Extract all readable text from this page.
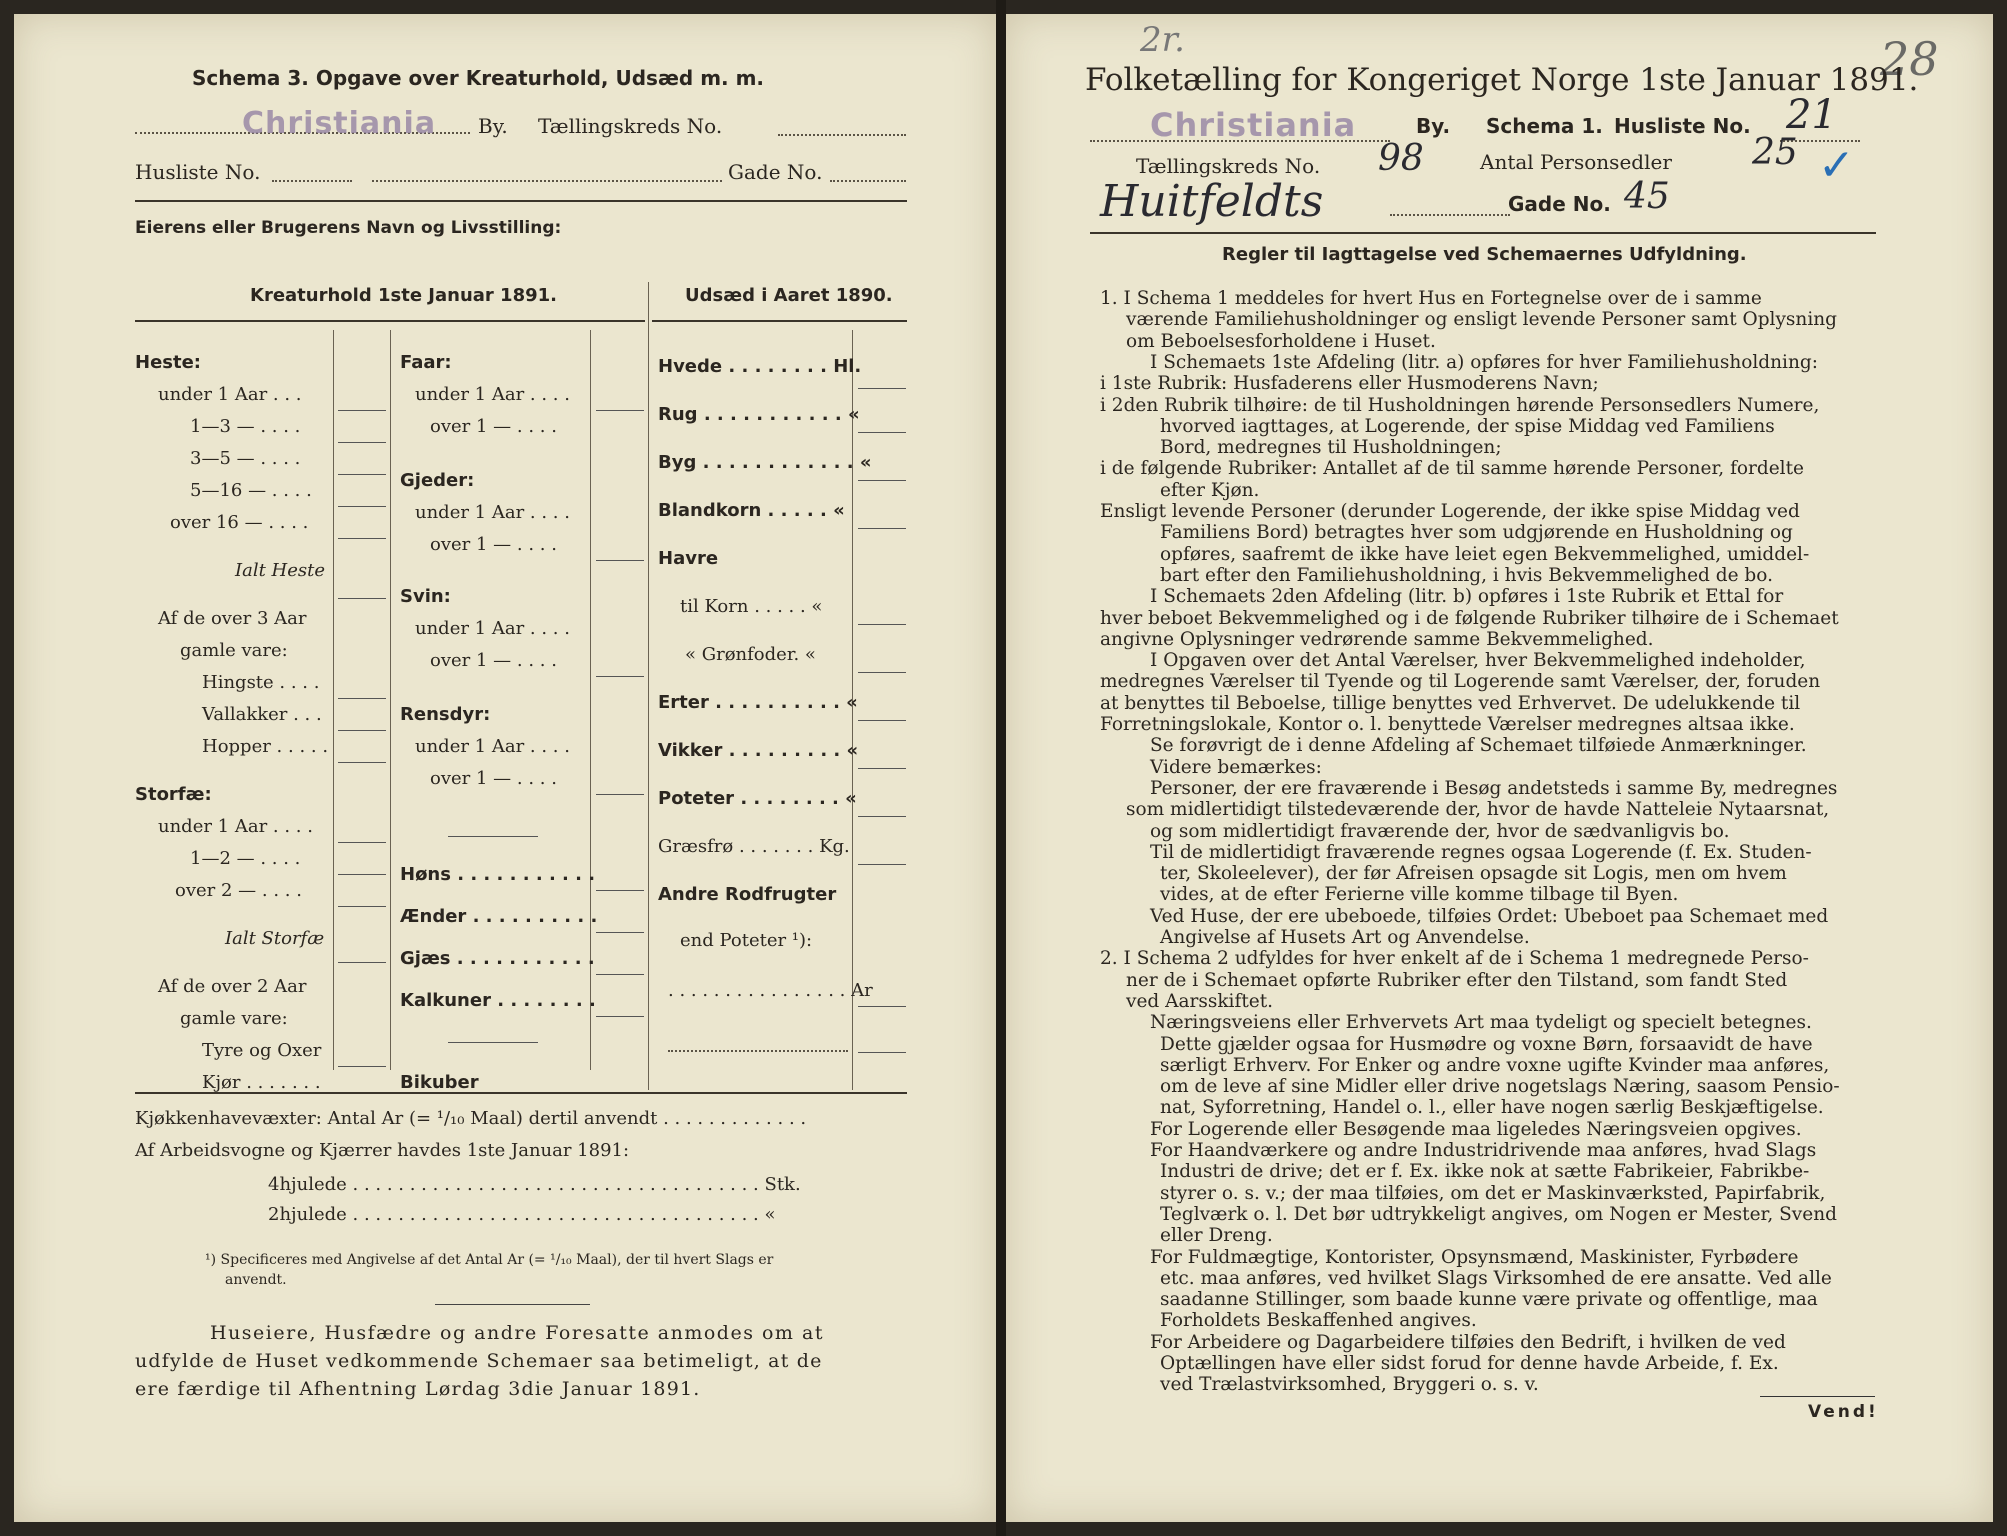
Schema 3. Opgave over Kreaturhold, Udsæd m. m.
Christiania By. Tællingskreds No.
Husliste No.	Gade No.
Eierens eller Brugerens Navn og Livsstilling:
Kreaturhold 1ste Januar 1891.	Udsæd i Aaret 1890.
Heste:
under 1 Aar . . .
1—3 — . . . .
3—5 — . . . .
5—16 — . . . .
over 16 — . . . .
Ialt Heste
Af de over 3 Aar
gamle vare:
Hingste . . . .
Vallakker . . .
Hopper . . . . .
Storfæ:
under 1 Aar . . . .
1—2 — . . . .
over 2 — . . . .
Ialt Storfæ
Af de over 2 Aar
gamle vare:
Tyre og Oxer
Kjør . . . . . . .
Faar:
under 1 Aar . . . .
over 1 — . . . .
Gjeder:
under 1 Aar . . . .
over 1 — . . . .
Svin:
under 1 Aar . . . .
over 1 — . . . .
Rensdyr:
under 1 Aar . . . .
over 1 — . . . .
Høns . . . . . . . . . . .
Ænder . . . . . . . . . .
Gjæs . . . . . . . . . . .
Kalkuner . . . . . . . .
Bikuber
Hvede . . . . . . . . Hl.
Rug . . . . . . . . . . . «
Byg . . . . . . . . . . . . «
Blandkorn . . . . . «
Havre
til Korn . . . . . «
« Grønfoder. «
Erter . . . . . . . . . . «
Vikker . . . . . . . . . «
Poteter . . . . . . . . «
Græsfrø . . . . . . . Kg.
Andre Rodfrugter
end Poteter ¹):
. . . . . . . . . . . . . . . . Ar
Kjøkkenhavevæxter: Antal Ar (= ¹/₁₀ Maal) dertil anvendt . . . . . . . . . . . . .
Af Arbeidsvogne og Kjærrer havdes 1ste Januar 1891:
4hjulede . . . . . . . . . . . . . . . . . . . . . . . . . . . . . . . . . . . . Stk.
2hjulede . . . . . . . . . . . . . . . . . . . . . . . . . . . . . . . . . . . . «
¹) Specificeres med Angivelse af det Antal Ar (= ¹/₁₀ Maal), der til hvert Slags er
anvendt.
Huseiere, Husfædre og andre Foresatte anmodes om at
udfylde de Huset vedkommende Schemaer saa betimeligt, at de
ere færdige til Afhentning Lørdag 3die Januar 1891.
2r.	28
Folketælling for Kongeriget Norge 1ste Januar 1891.
Christiania	By. Schema 1. Husliste No. 21
Tællingskreds No. 98	Antal Personsedler 25 ✓
Huitfeldts	Gade No. 45
Regler til Iagttagelse ved Schemaernes Udfyldning.
1. I Schema 1 meddeles for hvert Hus en Fortegnelse over de i samme
værende Familiehusholdninger og ensligt levende Personer samt Oplysning
om Beboelsesforholdene i Huset.
I Schemaets 1ste Afdeling (litr. a) opføres for hver Familiehusholdning:
i 1ste Rubrik: Husfaderens eller Husmoderens Navn;
i 2den Rubrik tilhøire: de til Husholdningen hørende Personsedlers Numere,
hvorved iagttages, at Logerende, der spise Middag ved Familiens
Bord, medregnes til Husholdningen;
i de følgende Rubriker: Antallet af de til samme hørende Personer, fordelte
efter Kjøn.
Ensligt levende Personer (derunder Logerende, der ikke spise Middag ved
Familiens Bord) betragtes hver som udgjørende en Husholdning og
opføres, saafremt de ikke have leiet egen Bekvemmelighed, umiddel-
bart efter den Familiehusholdning, i hvis Bekvemmelighed de bo.
I Schemaets 2den Afdeling (litr. b) opføres i 1ste Rubrik et Ettal for
hver beboet Bekvemmelighed og i de følgende Rubriker tilhøire de i Schemaet
angivne Oplysninger vedrørende samme Bekvemmelighed.
I Opgaven over det Antal Værelser, hver Bekvemmelighed indeholder,
medregnes Værelser til Tyende og til Logerende samt Værelser, der, foruden
at benyttes til Beboelse, tillige benyttes ved Erhvervet. De udelukkende til
Forretningslokale, Kontor o. l. benyttede Værelser medregnes altsaa ikke.
Se forøvrigt de i denne Afdeling af Schemaet tilføiede Anmærkninger.
Videre bemærkes:
Personer, der ere fraværende i Besøg andetsteds i samme By, medregnes
som midlertidigt tilstedeværende der, hvor de havde Natteleie Nytaarsnat,
og som midlertidigt fraværende der, hvor de sædvanligvis bo.
Til de midlertidigt fraværende regnes ogsaa Logerende (f. Ex. Studen-
ter, Skoleelever), der før Afreisen opsagde sit Logis, men om hvem
vides, at de efter Ferierne ville komme tilbage til Byen.
Ved Huse, der ere ubeboede, tilføies Ordet: Ubeboet paa Schemaet med
Angivelse af Husets Art og Anvendelse.
2. I Schema 2 udfyldes for hver enkelt af de i Schema 1 medregnede Perso-
ner de i Schemaet opførte Rubriker efter den Tilstand, som fandt Sted
ved Aarsskiftet.
Næringsveiens eller Erhvervets Art maa tydeligt og specielt betegnes.
Dette gjælder ogsaa for Husmødre og voxne Børn, forsaavidt de have
særligt Erhverv. For Enker og andre voxne ugifte Kvinder maa anføres,
om de leve af sine Midler eller drive nogetslags Næring, saasom Pensio-
nat, Syforretning, Handel o. l., eller have nogen særlig Beskjæftigelse.
For Logerende eller Besøgende maa ligeledes Næringsveien opgives.
For Haandværkere og andre Industridrivende maa anføres, hvad Slags
Industri de drive; det er f. Ex. ikke nok at sætte Fabrikeier, Fabrikbe-
styrer o. s. v.; der maa tilføies, om det er Maskinværksted, Papirfabrik,
Teglværk o. l. Det bør udtrykkeligt angives, om Nogen er Mester, Svend
eller Dreng.
For Fuldmægtige, Kontorister, Opsynsmænd, Maskinister, Fyrbødere
etc. maa anføres, ved hvilket Slags Virksomhed de ere ansatte. Ved alle
saadanne Stillinger, som baade kunne være private og offentlige, maa
Forholdets Beskaffenhed angives.
For Arbeidere og Dagarbeidere tilføies den Bedrift, i hvilken de ved
Optællingen have eller sidst forud for denne havde Arbeide, f. Ex.
ved Trælastvirksomhed, Bryggeri o. s. v.
Vend!
